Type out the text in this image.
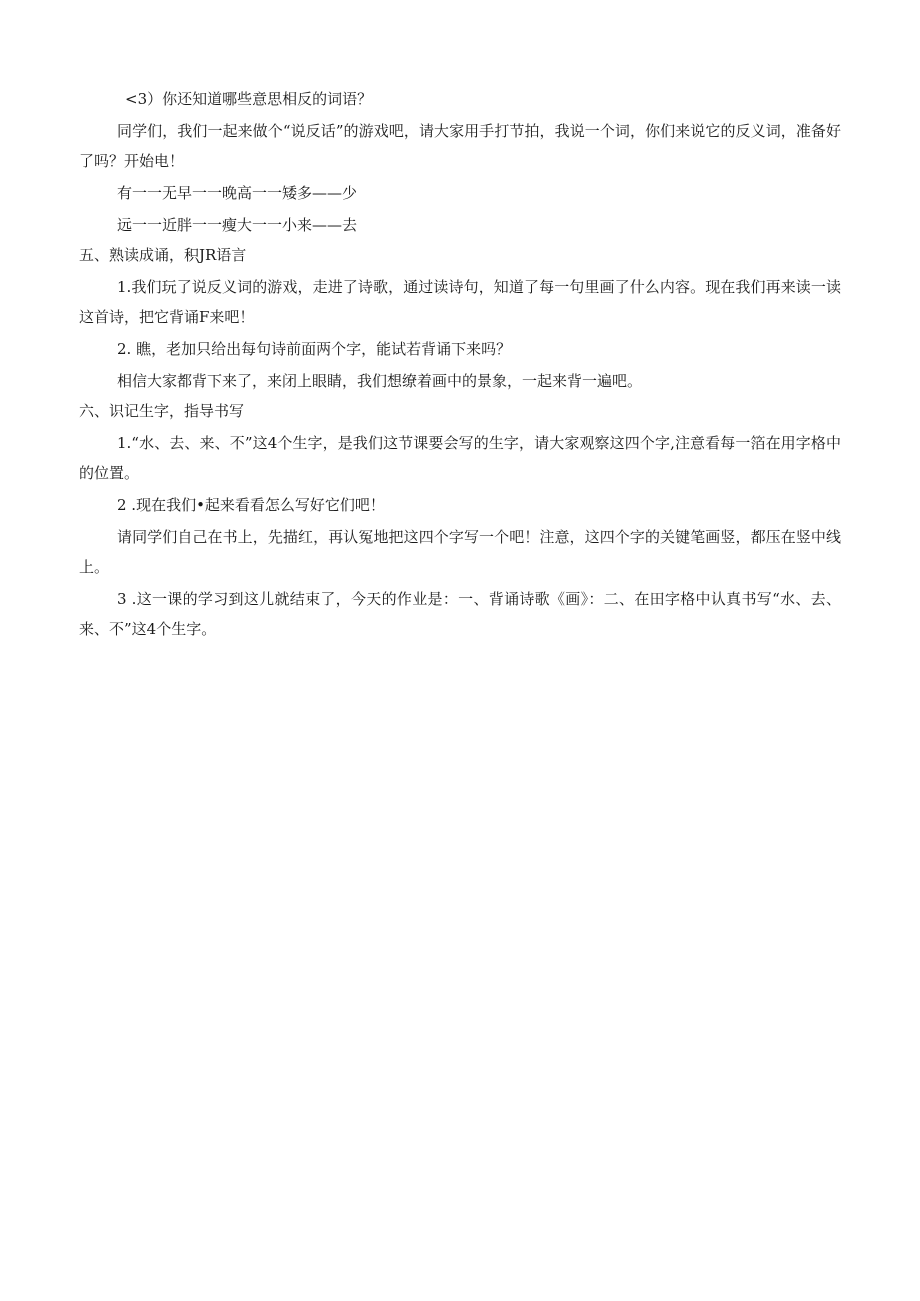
<3）你还知道哪些意思相反的词语？

同学们，我们一起来做个“说反话”的游戏吧，请大家用手打节拍，我说一个词，你们来说它的反义词，准备好了吗？开始电！

有一一无早一一晚高一一矮多——少

远一一近胖一一瘦大一一小来——去

五、熟读成诵，积JR语言

1.我们玩了说反义词的游戏，走进了诗歌，通过读诗句，知道了每一句里画了什么内容。现在我们再来读一读这首诗，把它背诵F来吧！

2. 瞧，老加只给出每句诗前面两个字，能试若背诵下来吗？

相信大家都背下来了，来闭上眼睛，我们想缭着画中的景象，一起来背一遍吧。

六、识记生字，指导书写

1.“水、去、来、不”这4个生字，是我们这节课要会写的生字，请大家观察这四个字,注意看每一箔在用字格中的位置。

2 .现在我们•起来看看怎么写好它们吧！

请同学们自己在书上，先描红，再认冤地把这四个字写一个吧！注意，这四个字的关键笔画竖，都压在竖中线上。

3 .这一课的学习到这儿就结束了，今天的作业是：一、背诵诗歌《画》：二、在田字格中认真书写“水、去、来、不”这4个生字。
